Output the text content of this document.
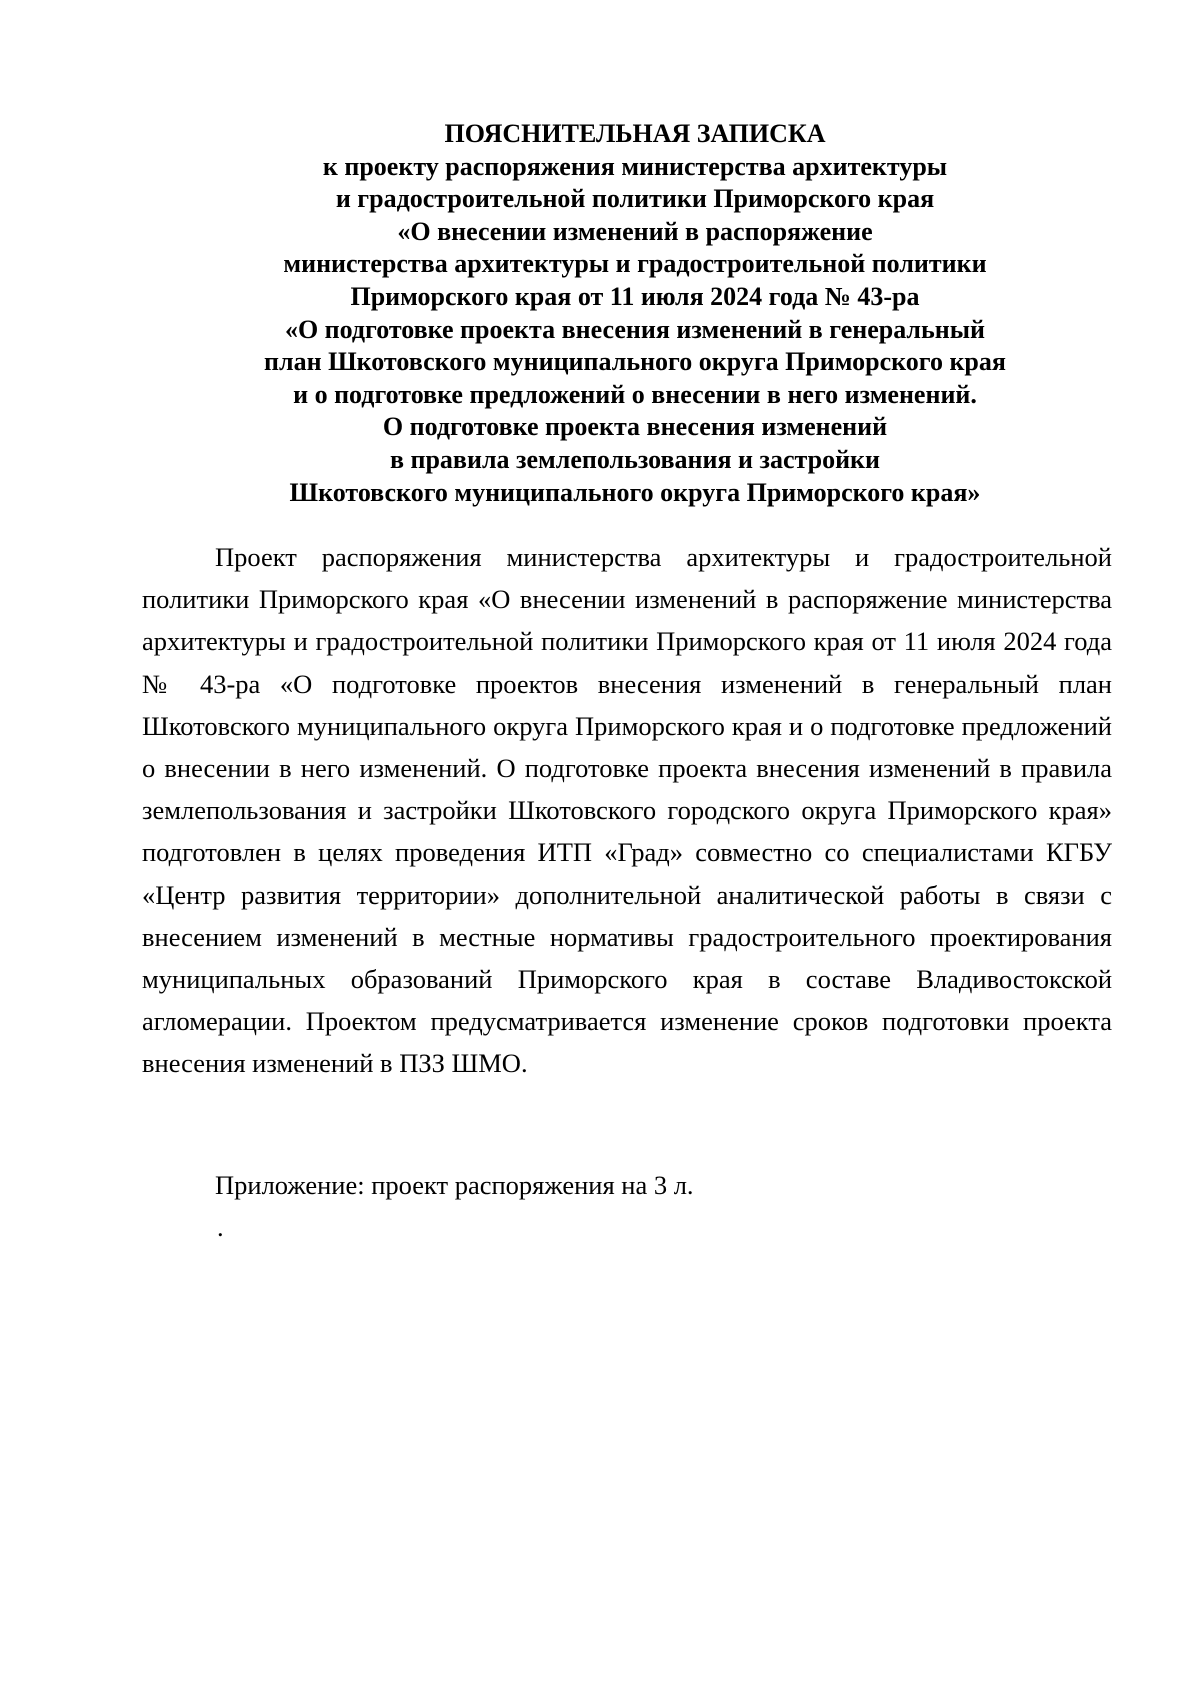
ПОЯСНИТЕЛЬНАЯ ЗАПИСКА
к проекту распоряжения министерства архитектуры
и градостроительной политики Приморского края
«О внесении изменений в распоряжение
министерства архитектуры и градостроительной политики
Приморского края от 11 июля 2024 года № 43-ра
«О подготовке проекта внесения изменений в генеральный
план Шкотовского муниципального округа Приморского края
и о подготовке предложений о внесении в него изменений.
О подготовке проекта внесения изменений
в правила землепользования и застройки
Шкотовского муниципального округа Приморского края»

Проект распоряжения министерства архитектуры и градостроительной политики Приморского края «О внесении изменений в распоряжение министерства архитектуры и градостроительной политики Приморского края от 11 июля 2024 года № 43-ра «О подготовке проектов внесения изменений в генеральный план Шкотовского муниципального округа Приморского края и о подготовке предложений о внесении в него изменений. О подготовке проекта внесения изменений в правила землепользования и застройки Шкотовского городского округа Приморского края» подготовлен в целях проведения ИТП «Град» совместно со специалистами КГБУ «Центр развития территории» дополнительной аналитической работы в связи с внесением изменений в местные нормативы градостроительного проектирования муниципальных образований Приморского края в составе Владивостокской агломерации. Проектом предусматривается изменение сроков подготовки проекта внесения изменений в ПЗЗ ШМО.

Приложение: проект распоряжения на 3 л.
.
